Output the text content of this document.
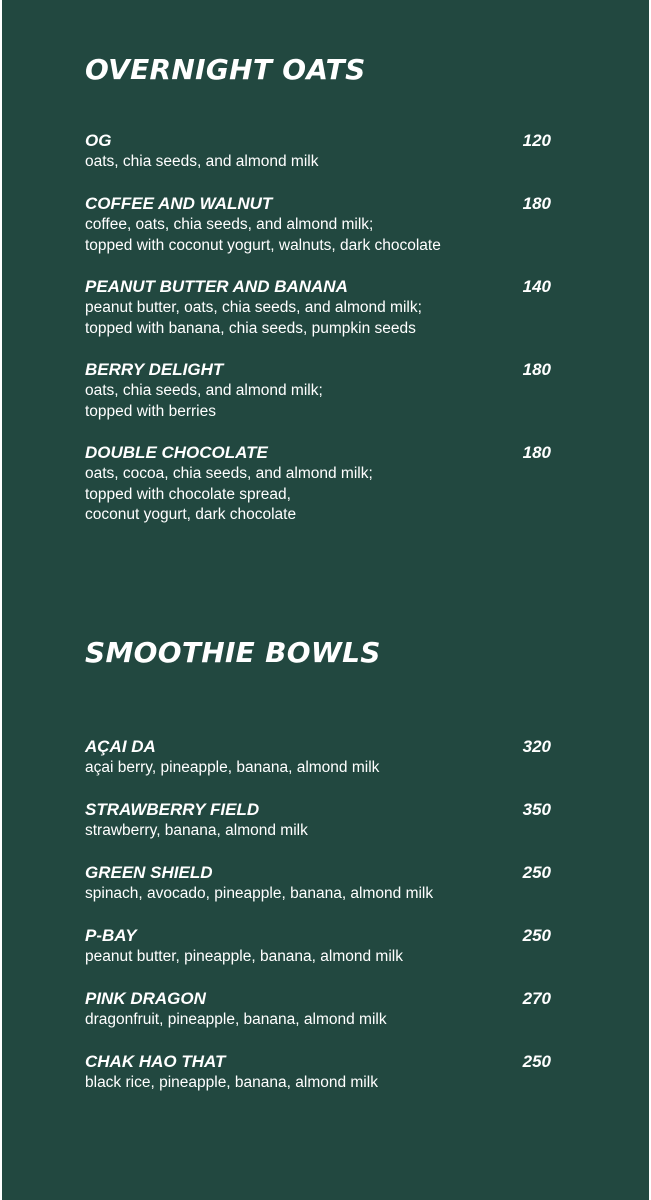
OVERNIGHT OATS
OG	120
oats, chia seeds, and almond milk
COFFEE AND WALNUT	180
coffee, oats, chia seeds, and almond milk;
topped with coconut yogurt, walnuts, dark chocolate
PEANUT BUTTER AND BANANA	140
peanut butter, oats, chia seeds, and almond milk;
topped with banana, chia seeds, pumpkin seeds
BERRY DELIGHT	180
oats, chia seeds, and almond milk;
topped with berries
DOUBLE CHOCOLATE	180
oats, cocoa, chia seeds, and almond milk;
topped with chocolate spread,
coconut yogurt, dark chocolate
SMOOTHIE BOWLS
AÇAI DA	320
açai berry, pineapple, banana, almond milk
STRAWBERRY FIELD	350
strawberry, banana, almond milk
GREEN SHIELD	250
spinach, avocado, pineapple, banana, almond milk
P-BAY	250
peanut butter, pineapple, banana, almond milk
PINK DRAGON	270
dragonfruit, pineapple, banana, almond milk
CHAK HAO THAT	250
black rice, pineapple, banana, almond milk
